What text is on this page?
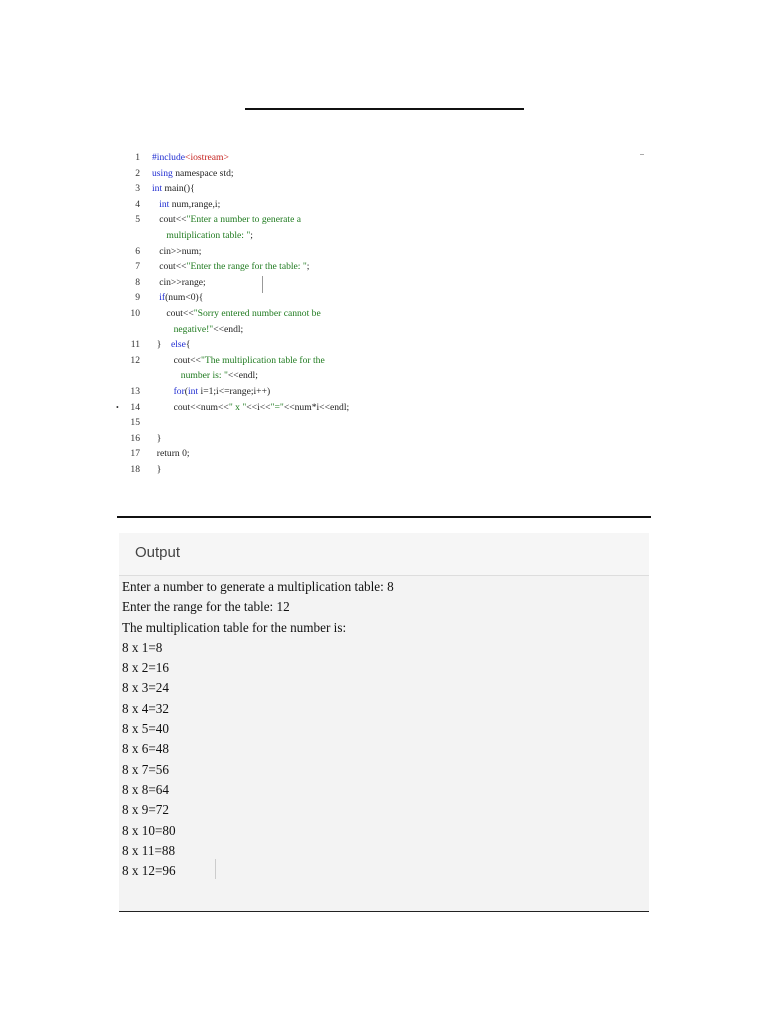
1 #include<iostream>
2 using namespace std;
3 int main(){
4	int num,range,i;
5 cout<<"Enter a number to generate a
multiplication table: ";
6 cin>>num;
7 cout<<"Enter the range for the table: ";
8 cin>>range;
9	if(num<0){
10 cout<<"Sorry entered number cannot be
negative!"<<endl;
11 }    else{
12 cout<<"The multiplication table for the
number is: "<<endl;
13	for(int i=1;i<=range;i++)
•	14 cout<<num<<" x "<<i<<"="<<num*i<<endl;
15
16 }
17 return 0;
18 }
Output
Enter a number to generate a multiplication table: 8
Enter the range for the table: 12
The multiplication table for the number is:
8 x 1=8
8 x 2=16
8 x 3=24
8 x 4=32
8 x 5=40
8 x 6=48
8 x 7=56
8 x 8=64
8 x 9=72
8 x 10=80
8 x 11=88
8 x 12=96
